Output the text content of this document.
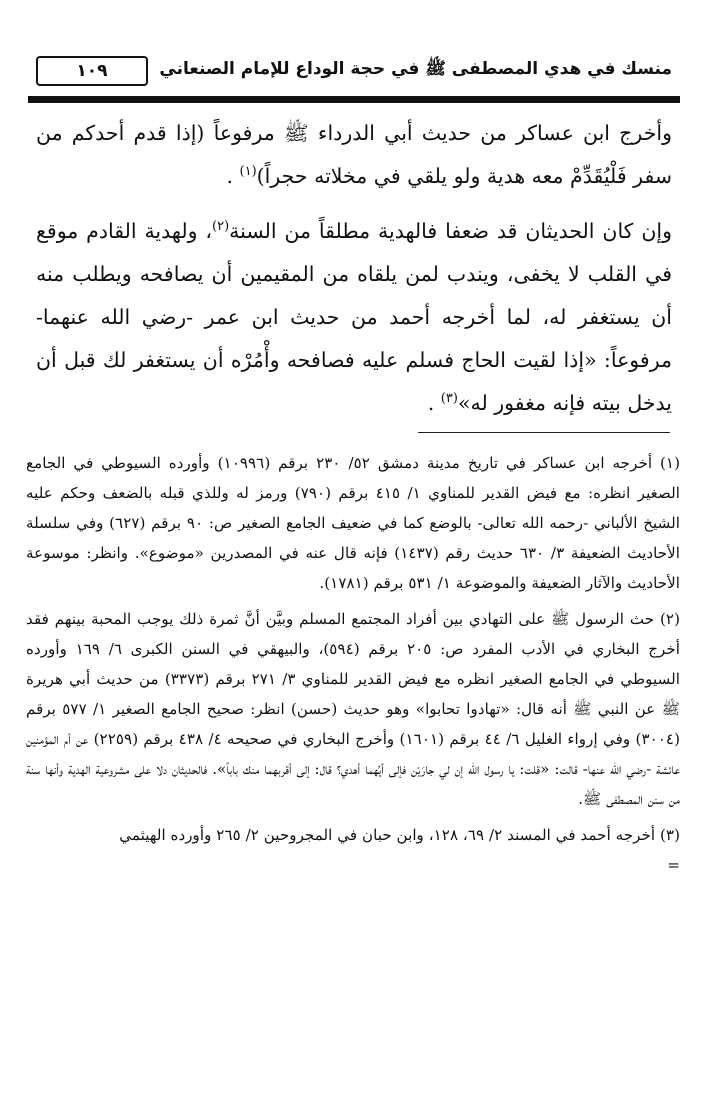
منسك في هدي المصطفى ﷺ في حجة الوداع للإمام الصنعاني
١٠٩

وأخرج ابن عساكر من حديث أبي الدرداء ﷺ مرفوعاً (إذا قدم أحدكم من سفر فَلْيُقَدِّمْ معه هدية ولو يلقي في مخلاته حجراً)$^{(١)}$ .

وإن كان الحديثان قد ضعفا فالهدية مطلقاً من السنة$^{(٢)}$، ولهدية القادم موقع في القلب لا يخفى، ويندب لمن يلقاه من المقيمين أن يصافحه ويطلب منه أن يستغفر له، لما أخرجه أحمد من حديث ابن عمر -رضي الله عنهما- مرفوعاً: «إذا لقيت الحاج فسلم عليه فصافحه وأْمُرْه أن يستغفر لك قبل أن يدخل بيته فإنه مغفور له»$^{(٣)}$ .

(١) أخرجه ابن عساكر في تاريخ مدينة دمشق ٥٢/ ٢٣٠ برقم (١٠٩٩٦) وأورده السيوطي في الجامع الصغير انظره: مع فيض القدير للمناوي ١/ ٤١٥ برقم (٧٩٠) ورمز له وللذي قبله بالضعف وحكم عليه الشيخ الألباني -رحمه الله تعالى- بالوضع كما في ضعيف الجامع الصغير ص: ٩٠ برقم (٦٢٧) وفي سلسلة الأحاديث الضعيفة ٣/ ٦٣٠ حديث رقم (١٤٣٧) فإنه قال عنه في المصدرين «موضوع». وانظر: موسوعة الأحاديث والآثار الضعيفة والموضوعة ١/ ٥٣١ برقم (١٧٨١).

(٢) حث الرسول ﷺ على التهادي بين أفراد المجتمع المسلم وبيَّن أنَّ ثمرة ذلك يوجب المحبة بينهم فقد أخرج البخاري في الأدب المفرد ص: ٢٠٥ برقم (٥٩٤)، والبيهقي في السنن الكبرى ٦/ ١٦٩ وأورده السيوطي في الجامع الصغير انظره مع فيض القدير للمناوي ٣/ ٢٧١ برقم (٣٣٧٣) من حديث أبي هريرة ﷺ عن النبي ﷺ أنه قال: «تهادوا تحابوا» وهو حديث (حسن) انظر: صحيح الجامع الصغير ١/ ٥٧٧ برقم (٣٠٠٤) وفي إرواء الغليل ٦/ ٤٤ برقم (١٦٠١) وأخرج البخاري في صحيحه ٤/ ٤٣٨ برقم (٢٢٥٩) عن أم المؤمنين عائشة -رضي الله عنها- قالت: «قلت: يا رسول الله إن لي جارَيْن فإلى أيِّهما أهدي؟ قال: إلى أقربهما منك باباً». فالحديثان دلا على مشروعية الهدية وأنها سنة من سنن المصطفى ﷺ.

(٣) أخرجه أحمد في المسند ٢/ ٦٩، ١٢٨، وابن حبان في المجروحين ٢/ ٢٦٥ وأورده الهيثمي
=
